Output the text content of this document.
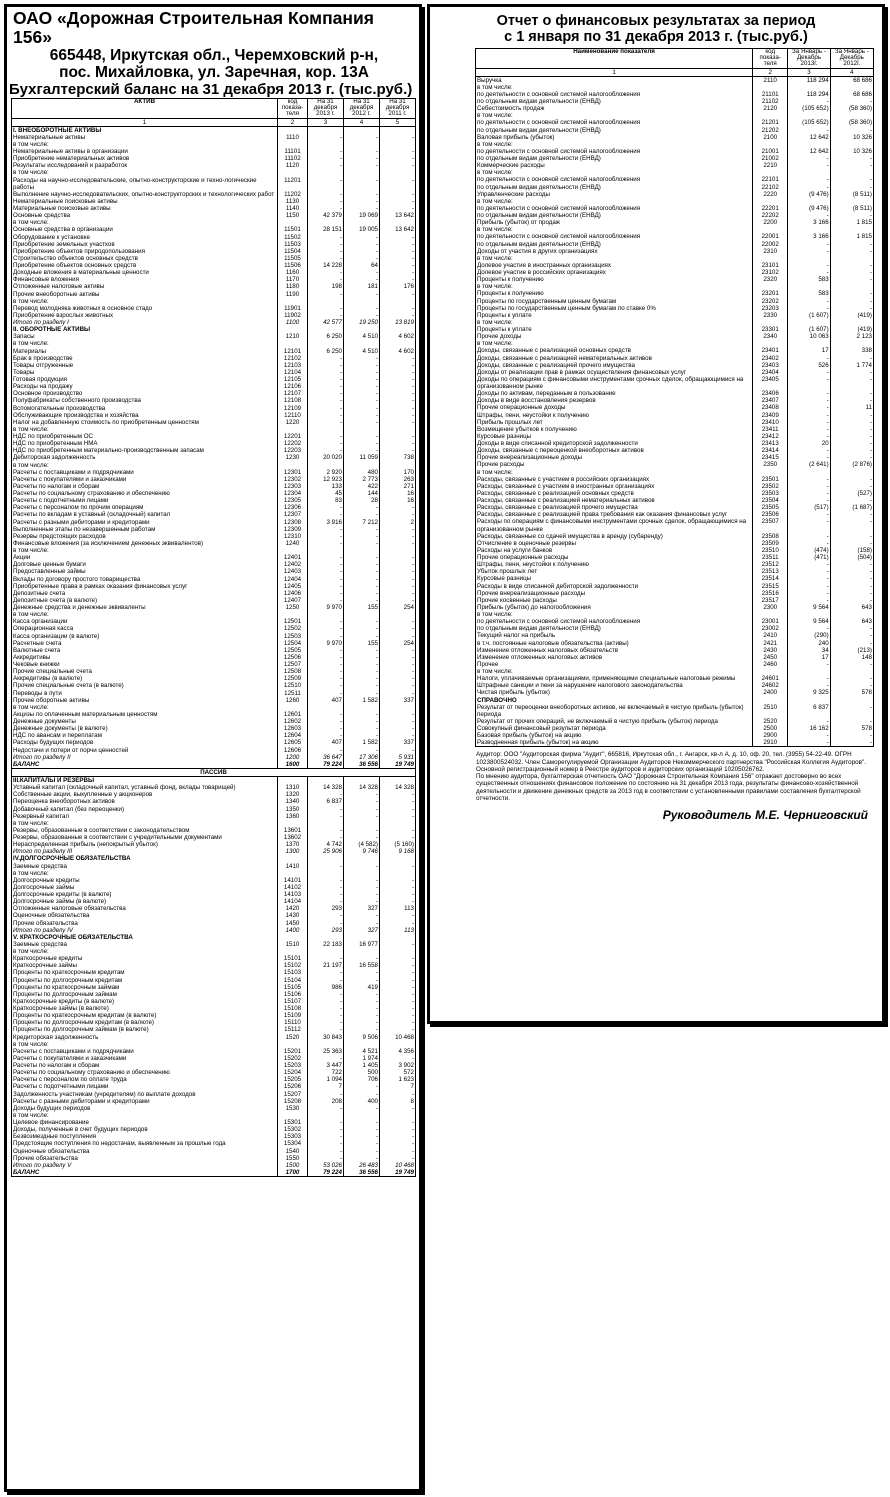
ОАО «Дорожная Строительная Компания 156»
665448, Иркутская обл., Черемховский р-н,
пос. Михайловка, ул. Заречная, кор. 13А
Бухгалтерский баланс на 31 декабря 2013 г. (тыс.руб.)
АКТИВ	код показа-теля	На 31 декабря 2013 г.	На 31 декабря 2012 г.	На 31 декабря 2011 г.
1	2	3	4	5
I. ВНЕОБОРОТНЫЕ АКТИВЫ				
Нематериальные активы	1110	-	-	-
в том числе:				
Нематериальные активы в организации	11101	-	-	-
Приобретение нематериальных активов	11102	-	-	-
Результаты исследований и разработок	1120	-	-	-
в том числе:				
Расходы на научно-исследовательские, опытно-конструкторские и техно-логические работы	11201	-	-	-
Выполнение научно-исследовательских, опытно-конструкторских и технологических работ	11202	-	-	-
Нематериальные поисковые активы	1130	-	-	-
Материальные поисковые активы	1140	-	-	-
Основные средства	1150	42 379	19 069	13 642
в том числе:				
Основные средства в организации	11501	28 151	19 005	13 642
Оборудование к установке	11502	-	-	-
Приобретение земельных участков	11503	-	-	-
Приобретение объектов природопользования	11504	-	-	-
Строительство объектов основных средств	11505	-	-	-
Приобретение объектов основных средств	11506	14 228	64	-
Доходные вложения в материальные ценности	1160	-	-	-
Финансовые вложения	1170	-	-	-
Отложенные налоговые активы	1180	198	181	176
Прочие внеоборотные активы	1190	-	-	-
в том числе:				
Перевод молодняка животных в основное стадо	11901	-	-	-
Приобретение взрослых животных	11902	-	-	-
Итого по разделу I	1100	42 577	19 250	13 819
II. ОБОРОТНЫЕ АКТИВЫ				
Запасы	1210	6 250	4 510	4 602
в том числе:				
Материалы	12101	6 250	4 510	4 602
Брак в производстве	12102	-	-	-
Товары отгруженные	12103	-	-	-
Товары	12104	-	-	-
Готовая продукция	12105	-	-	-
Расходы на продажу	12106	-	-	-
Основное производство	12107	-	-	-
Полуфабрикаты собственного производства	12108	-	-	-
Вспомогательные производства	12109	-	-	-
Обслуживающие производства и хозяйства	12110	-	-	-
Налог на добавленную стоимость по приобретенным ценностям	1220	-	-	-
в том числе:				
НДС по приобретенным ОС	12201	-	-	-
НДС по приобретенным НМА	12202	-	-	-
НДС по приобретенным материально-производственным запасам	12203	-	-	-
Дебиторская задолженность	1230	20 020	11 059	738
в том числе:				
Расчеты с поставщиками и подрядчиками	12301	2 920	480	170
Расчеты с покупателями и заказчиками	12302	12 923	2 773	263
Расчеты по налогам и сборам	12303	133	422	271
Расчеты по социальному страхованию и обеспечению	12304	45	144	16
Расчеты с подотчетными лицами	12305	83	28	16
Расчеты с персоналом по прочим операциям	12306	-	-	-
Расчеты по вкладам в уставный (складочный) капитал	12307	-	-	-
Расчеты с разными дебиторами и кредиторами	12308	3 916	7 212	2
Выполненные этапы по незавершенным работам	12309	-	-	-
Резервы предстоящих расходов	12310	-	-	-
Финансовые вложения (за исключением денежных эквивалентов)	1240	-	-	-
в том числе:				
Акции	12401	-	-	-
Долговые ценные бумаги	12402	-	-	-
Предоставленные займы	12403	-	-	-
Вклады по договору простого товарищества	12404	-	-	-
Приобретенные права в рамках оказания финансовых услуг	12405	-	-	-
Депозитные счета	12406	-	-	-
Депозитные счета (в валюте)	12407	-	-	-
Денежные средства и денежные эквиваленты	1250	9 970	155	254
в том числе:				
Касса организации	12501	-	-	-
Операционная касса	12502	-	-	-
Касса организации (в валюте)	12503	-	-	-
Расчетные счета	12504	9 970	155	254
Валютные счета	12505	-	-	-
Аккредитивы	12506	-	-	-
Чековые книжки	12507	-	-	-
Прочие специальные счета	12508	-	-	-
Аккредитивы (в валюте)	12509	-	-	-
Прочие специальные счета (в валюте)	12510	-	-	-
Переводы в пути	12511	-	-	-
Прочие оборотные активы	1260	407	1 582	337
в том числе:				
Акцизы по оплаченным материальным ценностям	12601	-	-	-
Денежные документы	12602	-	-	-
Денежные документы (в валюте)	12603	-	-	-
НДС по авансам и переплатам	12604	-	-	-
Расходы будущих периодов	12605	407	1 582	337
Недостачи и потери от порчи ценностей	12606	-	-	-
Итого по разделу II	1200	36 647	17 306	5 931
БАЛАНС	1600	79 224	36 556	19 749
ПАССИВ				
III.КАПИТАЛЫ И РЕЗЕРВЫ				
Уставный капитал (складочный капитал, уставный фонд, вклады товарищей)	1310	14 328	14 328	14 328
Собственные акции, выкупленные у акционеров	1320	-	-	-
Переоценка внеоборотных активов	1340	6 837	-	-
Добавочный капитал (без переоценки)	1350	-	-	-
Резервный капитал	1360	-	-	-
в том числе:				
Резервы, образованные в соответствии с законодательством	13601	-	-	-
Резервы, образованные в соответствии с учредительными документами	13602	-	-	-
Нераспределенная прибыль (непокрытый убыток)	1370	4 742	(4 582)	(5 160)
Итого по разделу III	1300	25 906	9 746	9 168
IV.ДОЛГОСРОЧНЫЕ ОБЯЗАТЕЛЬСТВА				
Заемные средства	1410	-	-	-
в том числе:				
Долгосрочные кредиты	14101	-	-	-
Долгосрочные займы	14102	-	-	-
Долгосрочные кредиты (в валюте)	14103	-	-	-
Долгосрочные займы (в валюте)	14104	-	-	-
Отложенные налоговые обязательства	1420	293	327	113
Оценочные обязательства	1430	-	-	-
Прочие обязательства	1450	-	-	-
Итого по разделу IV	1400	293	327	113
V. КРАТКОСРОЧНЫЕ ОБЯЗАТЕЛЬСТВА				
Заемные средства	1510	22 183	16 977	-
в том числе:				
Краткосрочные кредиты	15101	-	-	-
Краткосрочные займы	15102	21 197	16 558	-
Проценты по краткосрочным кредитам	15103	-	-	-
Проценты по долгосрочным кредитам	15104	-	-	-
Проценты по краткосрочным займам	15105	986	419	-
Проценты по долгосрочным займам	15106	-	-	-
Краткосрочные кредиты (в валюте)	15107	-	-	-
Краткосрочные займы (в валюте)	15108	-	-	-
Проценты по краткосрочным кредитам (в валюте)	15109	-	-	-
Проценты по долгосрочным кредитам (в валюте)	15110	-	-	-
Проценты по долгосрочным займам (в валюте)	15112	-	-	-
Кредиторская задолженность	1520	30 843	9 506	10 468
в том числе:				
Расчеты с поставщиками и подрядчиками	15201	25 363	4 521	4 356
Расчеты с покупателями и заказчиками	15202	-	1 974	-
Расчеты по налогам и сборам	15203	3 447	1 405	3 902
Расчеты по социальному страхованию и обеспечению	15204	722	500	572
Расчеты с персоналом по оплате труда	15205	1 094	706	1 623
Расчеты с подотчетными лицами	15206	7	-	7
Задолженность участникам (учредителям) по выплате доходов	15207	-	-	-
Расчеты с разными дебиторами и кредиторами	15208	208	400	8
Доходы будущих периодов	1530	-	-	-
в том числе:				
Целевое финансирование	15301	-	-	-
Доходы, полученные в счет будущих периодов	15302	-	-	-
Безвозмездные поступления	15303	-	-	-
Предстоящие поступления по недостачам, выявленным за прошлые года	15304	-	-	-
Оценочные обязательства	1540	-	-	-
Прочие обязательства	1550	-	-	-
Итого по разделу V	1500	53 026	26 483	10 468
БАЛАНС	1700	79 224	36 556	19 749
Отчет о финансовых результатах за период
с 1 января по 31 декабря 2013 г. (тыс.руб.)
Наименование показателя	код показа-теля	За Январь - Декабрь 2013г.	За Январь - Декабрь 2012г.
1	2	3	4
Выручка	2110	118 294	68 686
в том числе:			
по деятельности с основной системой налогообложения	21101	118 294	68 686
по отдельным видам деятельности (ЕНВД)	21102	-	-
Себестоимость продаж	2120	(105 652)	(58 360)
в том числе:			
по деятельности с основной системой налогообложения	21201	(105 652)	(58 360)
по отдельным видам деятельности (ЕНВД)	21202	-	-
Валовая прибыль (убыток)	2100	12 642	10 326
в том числе:			
по деятельности с основной системой налогообложения	21001	12 642	10 326
по отдельным видам деятельности (ЕНВД)	21002	-	-
Коммерческие расходы	2210	-	-
в том числе:			
по деятельности с основной системой налогообложения	22101	-	-
по отдельным видам деятельности (ЕНВД)	22102	-	-
Управленческие расходы	2220	(9 476)	(8 511)
в том числе:			
по деятельности с основной системой налогообложения	22201	(9 476)	(8 511)
по отдельным видам деятельности (ЕНВД)	22202	-	-
Прибыль (убыток) от продаж	2200	3 166	1 815
в том числе:			
по деятельности с основной системой налогообложения	22001	3 166	1 815
по отдельным видам деятельности (ЕНВД)	22002	-	-
Доходы от участия в других организациях	2310	-	-
в том числе:			
Долевое участие в иностранных организациях	23101	-	-
Долевое участие в российских организациях	23102	-	-
Проценты к получению	2320	583	-
в том числе:			
Проценты к получению	23201	583	-
Проценты по государственным ценным бумагам	23202	-	-
Проценты по государственным ценным бумагам по ставке 0%	23203	-	-
Проценты к уплате	2330	(1 607)	(419)
в том числе:			
Проценты к уплате	23301	(1 607)	(419)
Прочие доходы	2340	10 063	2 123
в том числе:			
Доходы, связанные с реализацией основных средств	23401	17	338
Доходы, связанные с реализацией нематериальных активов	23402	-	-
Доходы, связанные с реализацией прочего имущества	23403	526	1 774
Доходы от реализации прав в рамках осуществления финансовых услуг	23404	-	-
Доходы по операциям с финансовыми инструментами срочных сделок, обращающимися на организованном рынке	23405	-	-
Доходы по активам, переданным в пользование	23406	-	-
Доходы в виде восстановления резервов	23407	-	-
Прочие операционные доходы	23408	-	11
Штрафы, пени, неустойки к получению	23409	-	-
Прибыль прошлых лет	23410	-	-
Возмещение убытков к получению	23411	-	-
Курсовые разницы	23412	-	-
Доходы в виде списанной кредиторской задолженности	23413	20	-
Доходы, связанные с переоценкой внеоборотных активов	23414	-	-
Прочие внереализационные доходы	23415	-	-
Прочие расходы	2350	(2 641)	(2 876)
в том числе:			
Расходы, связанные с участием в российских организациях	23501	-	-
Расходы, связанные с участием в иностранных организациях	23502	-	-
Расходы, связанные с реализацией основных средств	23503	-	(527)
Расходы, связанные с реализацией нематериальных активов	23504	-	-
Расходы, связанные с реализацией прочего имущества	23505	(517)	(1 687)
Расходы, связанные с реализацией права требования как оказания финансовых услуг	23506	-	-
Расходы по операциям с финансовыми инструментами срочных сделок, обращающимися на организованном рынке	23507	-	-
Расходы, связанные со сдачей имущества в аренду (субаренду)	23508	-	-
Отчисление в оценочные резервы	23509	-	-
Расходы на услуги банков	23510	(474)	(158)
Прочие операционные расходы	23511	(471)	(504)
Штрафы, пени, неустойки к получению	23512	-	-
Убыток прошлых лет	23513	-	-
Курсовые разницы	23514	-	-
Расходы в виде списанной дебиторской задолженности	23515	-	-
Прочие внереализационные расходы	23516	-	-
Прочие косвенные расходы	23517	-	-
Прибыль (убыток) до налогообложения	2300	9 564	643
в том числе:			
по деятельности с основной системой налогообложения	23001	9 564	643
по отдельным видам деятельности (ЕНВД)	23002	-	-
Текущий налог на прибыль	2410	(290)	-
в т.ч. постоянные налоговые обязательства (активы)	2421	240	-
Изменение отложенных налоговых обязательств	2430	34	(213)
Изменение отложенных налоговых активов	2450	17	148
Прочее	2460	-	-
в том числе:			
Налоги, уплачиваемые организациями, применяющими специальные налоговые режимы	24601	-	-
Штрафные санкции и пени за нарушение налогового законодательства	24602	-	-
Чистая прибыль (убыток)	2400	9 325	578
СПРАВОЧНО			
Результат от переоценки внеоборотных активов, не включаемый в чистую прибыль (убыток) периода	2510	6 837	-
Результат от прочих операций, не включаемый в чистую прибыль (убыток) периода	2520	-	-
Совокупный финансовый результат периода	2500	16 162	578
Базовая прибыль (убыток) на акцию	2900	-	-
Разводненная прибыль (убыток) на акцию	2910	-	-
Аудитор: ООО "Аудиторская фирма "Аудит", 665816, Иркутская обл., г. Ангарск, кв-л А, д. 10, оф. 20, тел. (3955) 54-22-49. ОГРН 1023800524032. Член Саморегулируемой Организации Аудиторов Некоммерческого партнерства "Российская Коллегия Аудиторов". Основной регистрационный номер в Реестре аудиторов и аудиторских организаций 10205026762.
По мнению аудитора, бухгалтерская отчетность ОАО "Дорожная Строительная Компания 156" отражает достоверно во всех существенных отношениях финансовое положение по состоянию на 31 декабря 2013 года, результаты финансово-хозяйственной деятельности и движение денежных средств за 2013 год в соответствии с установленными правилами составления бухгалтерской отчетности.
Руководитель М.Е. Черниговский
